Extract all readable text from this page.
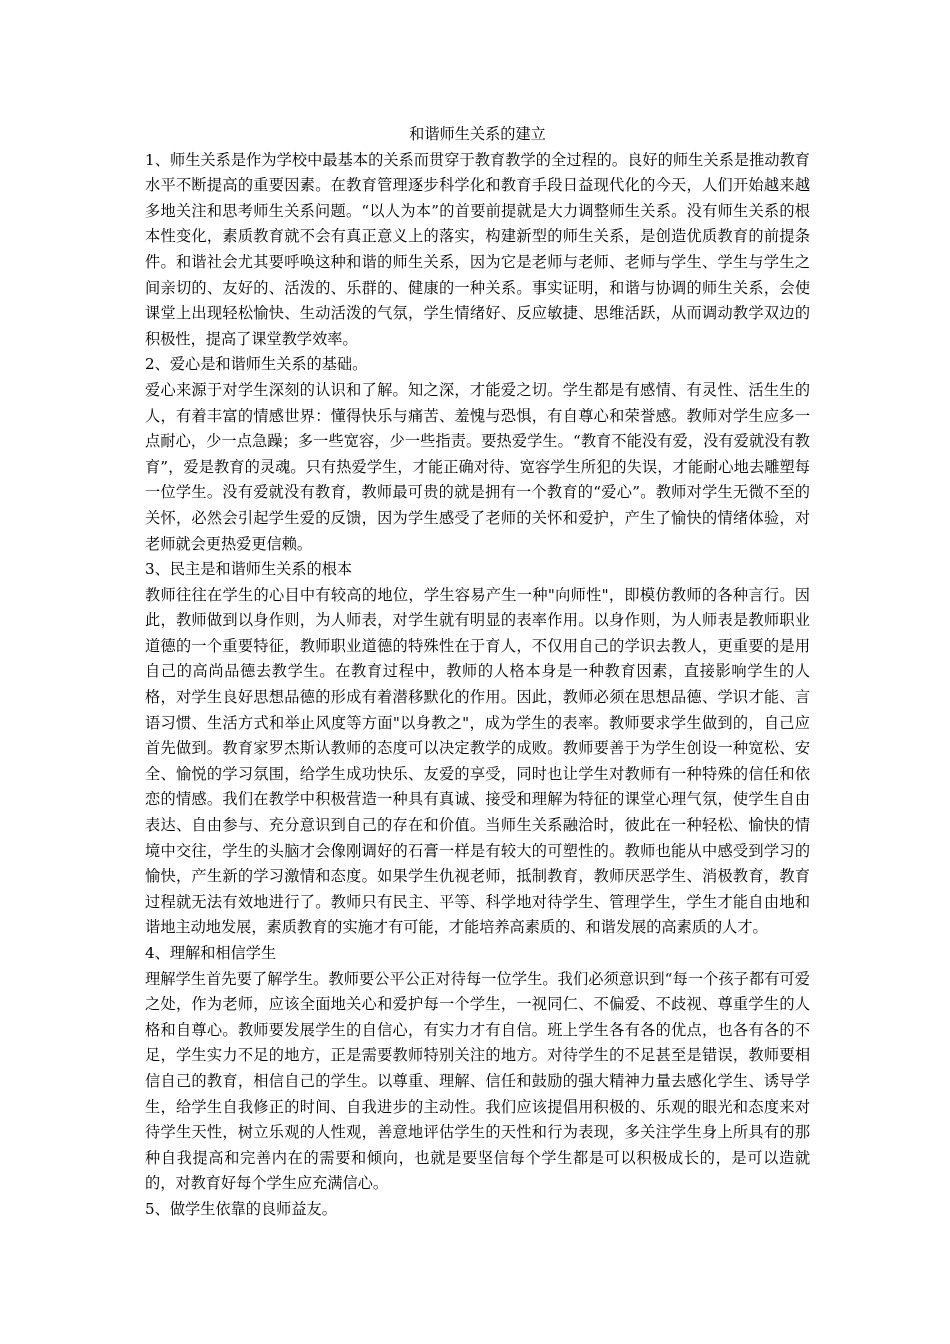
和谐师生关系的建立

1、师生关系是作为学校中最基本的关系而贯穿于教育教学的全过程的。良好的师生关系是推动教育水平不断提高的重要因素。在教育管理逐步科学化和教育手段日益现代化的今天，人们开始越来越多地关注和思考师生关系问题。“以人为本”的首要前提就是大力调整师生关系。没有师生关系的根本性变化，素质教育就不会有真正意义上的落实，构建新型的师生关系，是创造优质教育的前提条件。和谐社会尤其要呼唤这种和谐的师生关系，因为它是老师与老师、老师与学生、学生与学生之间亲切的、友好的、活泼的、乐群的、健康的一种关系。事实证明，和谐与协调的师生关系，会使课堂上出现轻松愉快、生动活泼的气氛，学生情绪好、反应敏捷、思维活跃，从而调动教学双边的积极性，提高了课堂教学效率。

2、爱心是和谐师生关系的基础。

爱心来源于对学生深刻的认识和了解。知之深，才能爱之切。学生都是有感情、有灵性、活生生的人，有着丰富的情感世界：懂得快乐与痛苦、羞愧与恐惧，有自尊心和荣誉感。教师对学生应多一点耐心，少一点急躁；多一些宽容，少一些指责。要热爱学生。“教育不能没有爱，没有爱就没有教育”，爱是教育的灵魂。只有热爱学生，才能正确对待、宽容学生所犯的失误，才能耐心地去雕塑每一位学生。没有爱就没有教育，教师最可贵的就是拥有一个教育的“爱心”。教师对学生无微不至的关怀，必然会引起学生爱的反馈，因为学生感受了老师的关怀和爱护，产生了愉快的情绪体验，对老师就会更热爱更信赖。

3、民主是和谐师生关系的根本

教师往往在学生的心目中有较高的地位，学生容易产生一种"向师性"，即模仿教师的各种言行。因此，教师做到以身作则，为人师表，对学生就有明显的表率作用。以身作则，为人师表是教师职业道德的一个重要特征，教师职业道德的特殊性在于育人，不仅用自己的学识去教人，更重要的是用自己的高尚品德去教学生。在教育过程中，教师的人格本身是一种教育因素，直接影响学生的人格，对学生良好思想品德的形成有着潜移默化的作用。因此，教师必须在思想品德、学识才能、言语习惯、生活方式和举止风度等方面"以身教之"，成为学生的表率。教师要求学生做到的，自己应首先做到。教育家罗杰斯认教师的态度可以决定教学的成败。教师要善于为学生创设一种宽松、安全、愉悦的学习氛围，给学生成功快乐、友爱的享受，同时也让学生对教师有一种特殊的信任和依恋的情感。我们在教学中积极营造一种具有真诚、接受和理解为特征的课堂心理气氛，使学生自由表达、自由参与、充分意识到自己的存在和价值。当师生关系融洽时，彼此在一种轻松、愉快的情境中交往，学生的头脑才会像刚调好的石膏一样是有较大的可塑性的。教师也能从中感受到学习的愉快，产生新的学习激情和态度。如果学生仇视老师，抵制教育，教师厌恶学生、消极教育，教育过程就无法有效地进行了。教师只有民主、平等、科学地对待学生、管理学生，学生才能自由地和谐地主动地发展，素质教育的实施才有可能，才能培养高素质的、和谐发展的高素质的人才。

4、理解和相信学生

理解学生首先要了解学生。教师要公平公正对待每一位学生。我们必须意识到“每一个孩子都有可爱之处，作为老师，应该全面地关心和爱护每一个学生，一视同仁、不偏爱、不歧视、尊重学生的人格和自尊心。教师要发展学生的自信心，有实力才有自信。班上学生各有各的优点，也各有各的不足，学生实力不足的地方，正是需要教师特别关注的地方。对待学生的不足甚至是错误，教师要相信自己的教育，相信自己的学生。以尊重、理解、信任和鼓励的强大精神力量去感化学生、诱导学生，给学生自我修正的时间、自我进步的主动性。我们应该提倡用积极的、乐观的眼光和态度来对待学生天性，树立乐观的人性观，善意地评估学生的天性和行为表现，多关注学生身上所具有的那种自我提高和完善内在的需要和倾向，也就是要坚信每个学生都是可以积极成长的，是可以造就的，对教育好每个学生应充满信心。

5、做学生依靠的良师益友。
